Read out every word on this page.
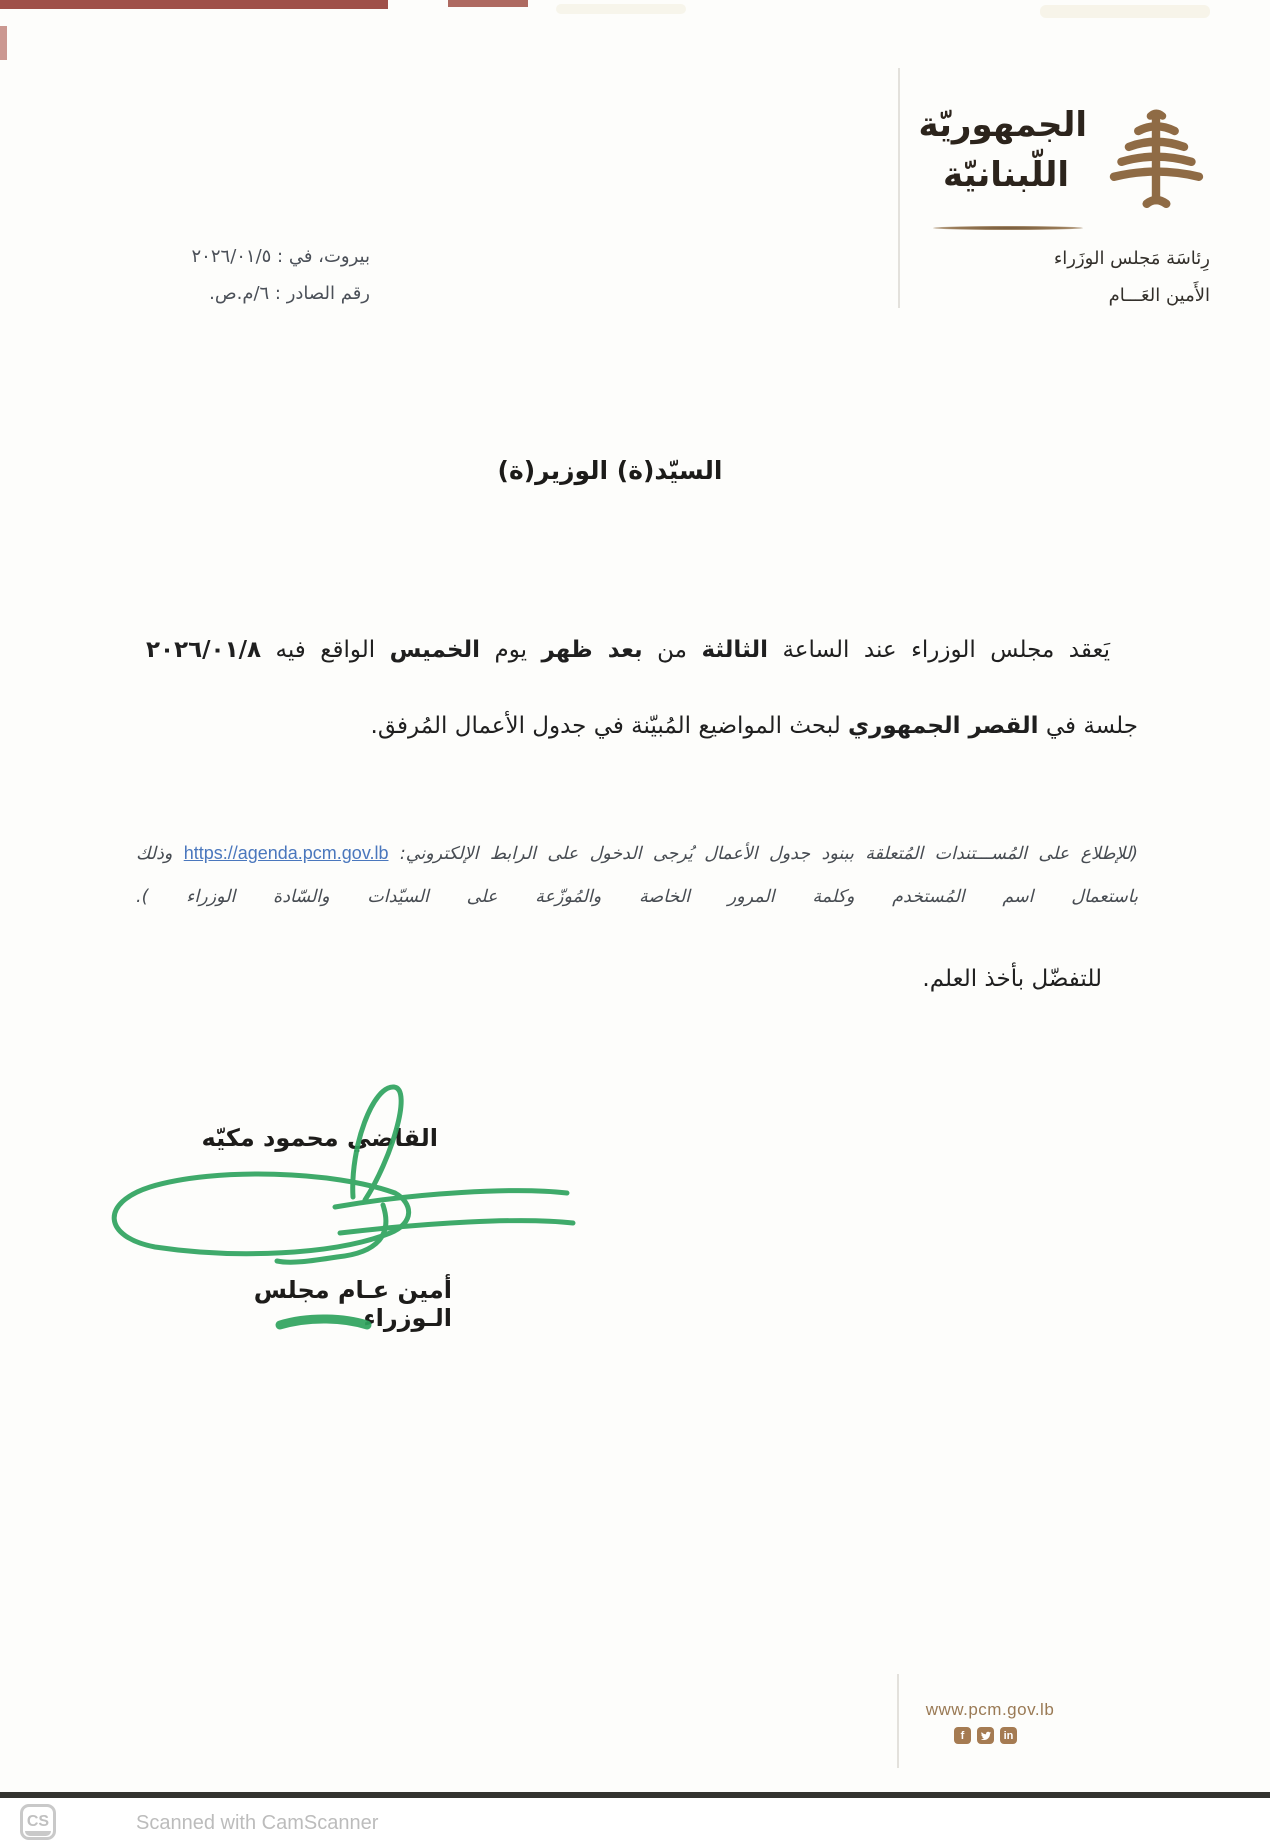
الجمهوريّة
اللّبنانيّة
رِئاسَة مَجلس الوزَراء
الأَمين العَـــام
بيروت، في : ٢٠٢٦/٠١/٥
رقم الصادر : ٦/م.ص.
السيّد(ة) الوزير(ة)
يَعقد مجلس الوزراء عند الساعة الثالثة من بعد ظهر يوم الخميس الواقع فيه ٢٠٢٦/٠١/٨
جلسة في القصر الجمهوري لبحث المواضيع المُبيّنة في جدول الأعمال المُرفق.
(للإطلاع على المُســـتندات المُتعلقة ببنود جدول الأعمال يُرجى الدخول على الرابط الإلكتروني: https://agenda.pcm.gov.lb وذلك
باستعمال اسم المُستخدم وكلمة المرور الخاصة والمُوزّعة على السيّدات والسّادة الوزراء ).
للتفضّل بأخذ العلم.
القاضي محمود مكيّه
أمين عـام مجلس الـوزراء
www.pcm.gov.lb
f	in
CS	Scanned with CamScanner
